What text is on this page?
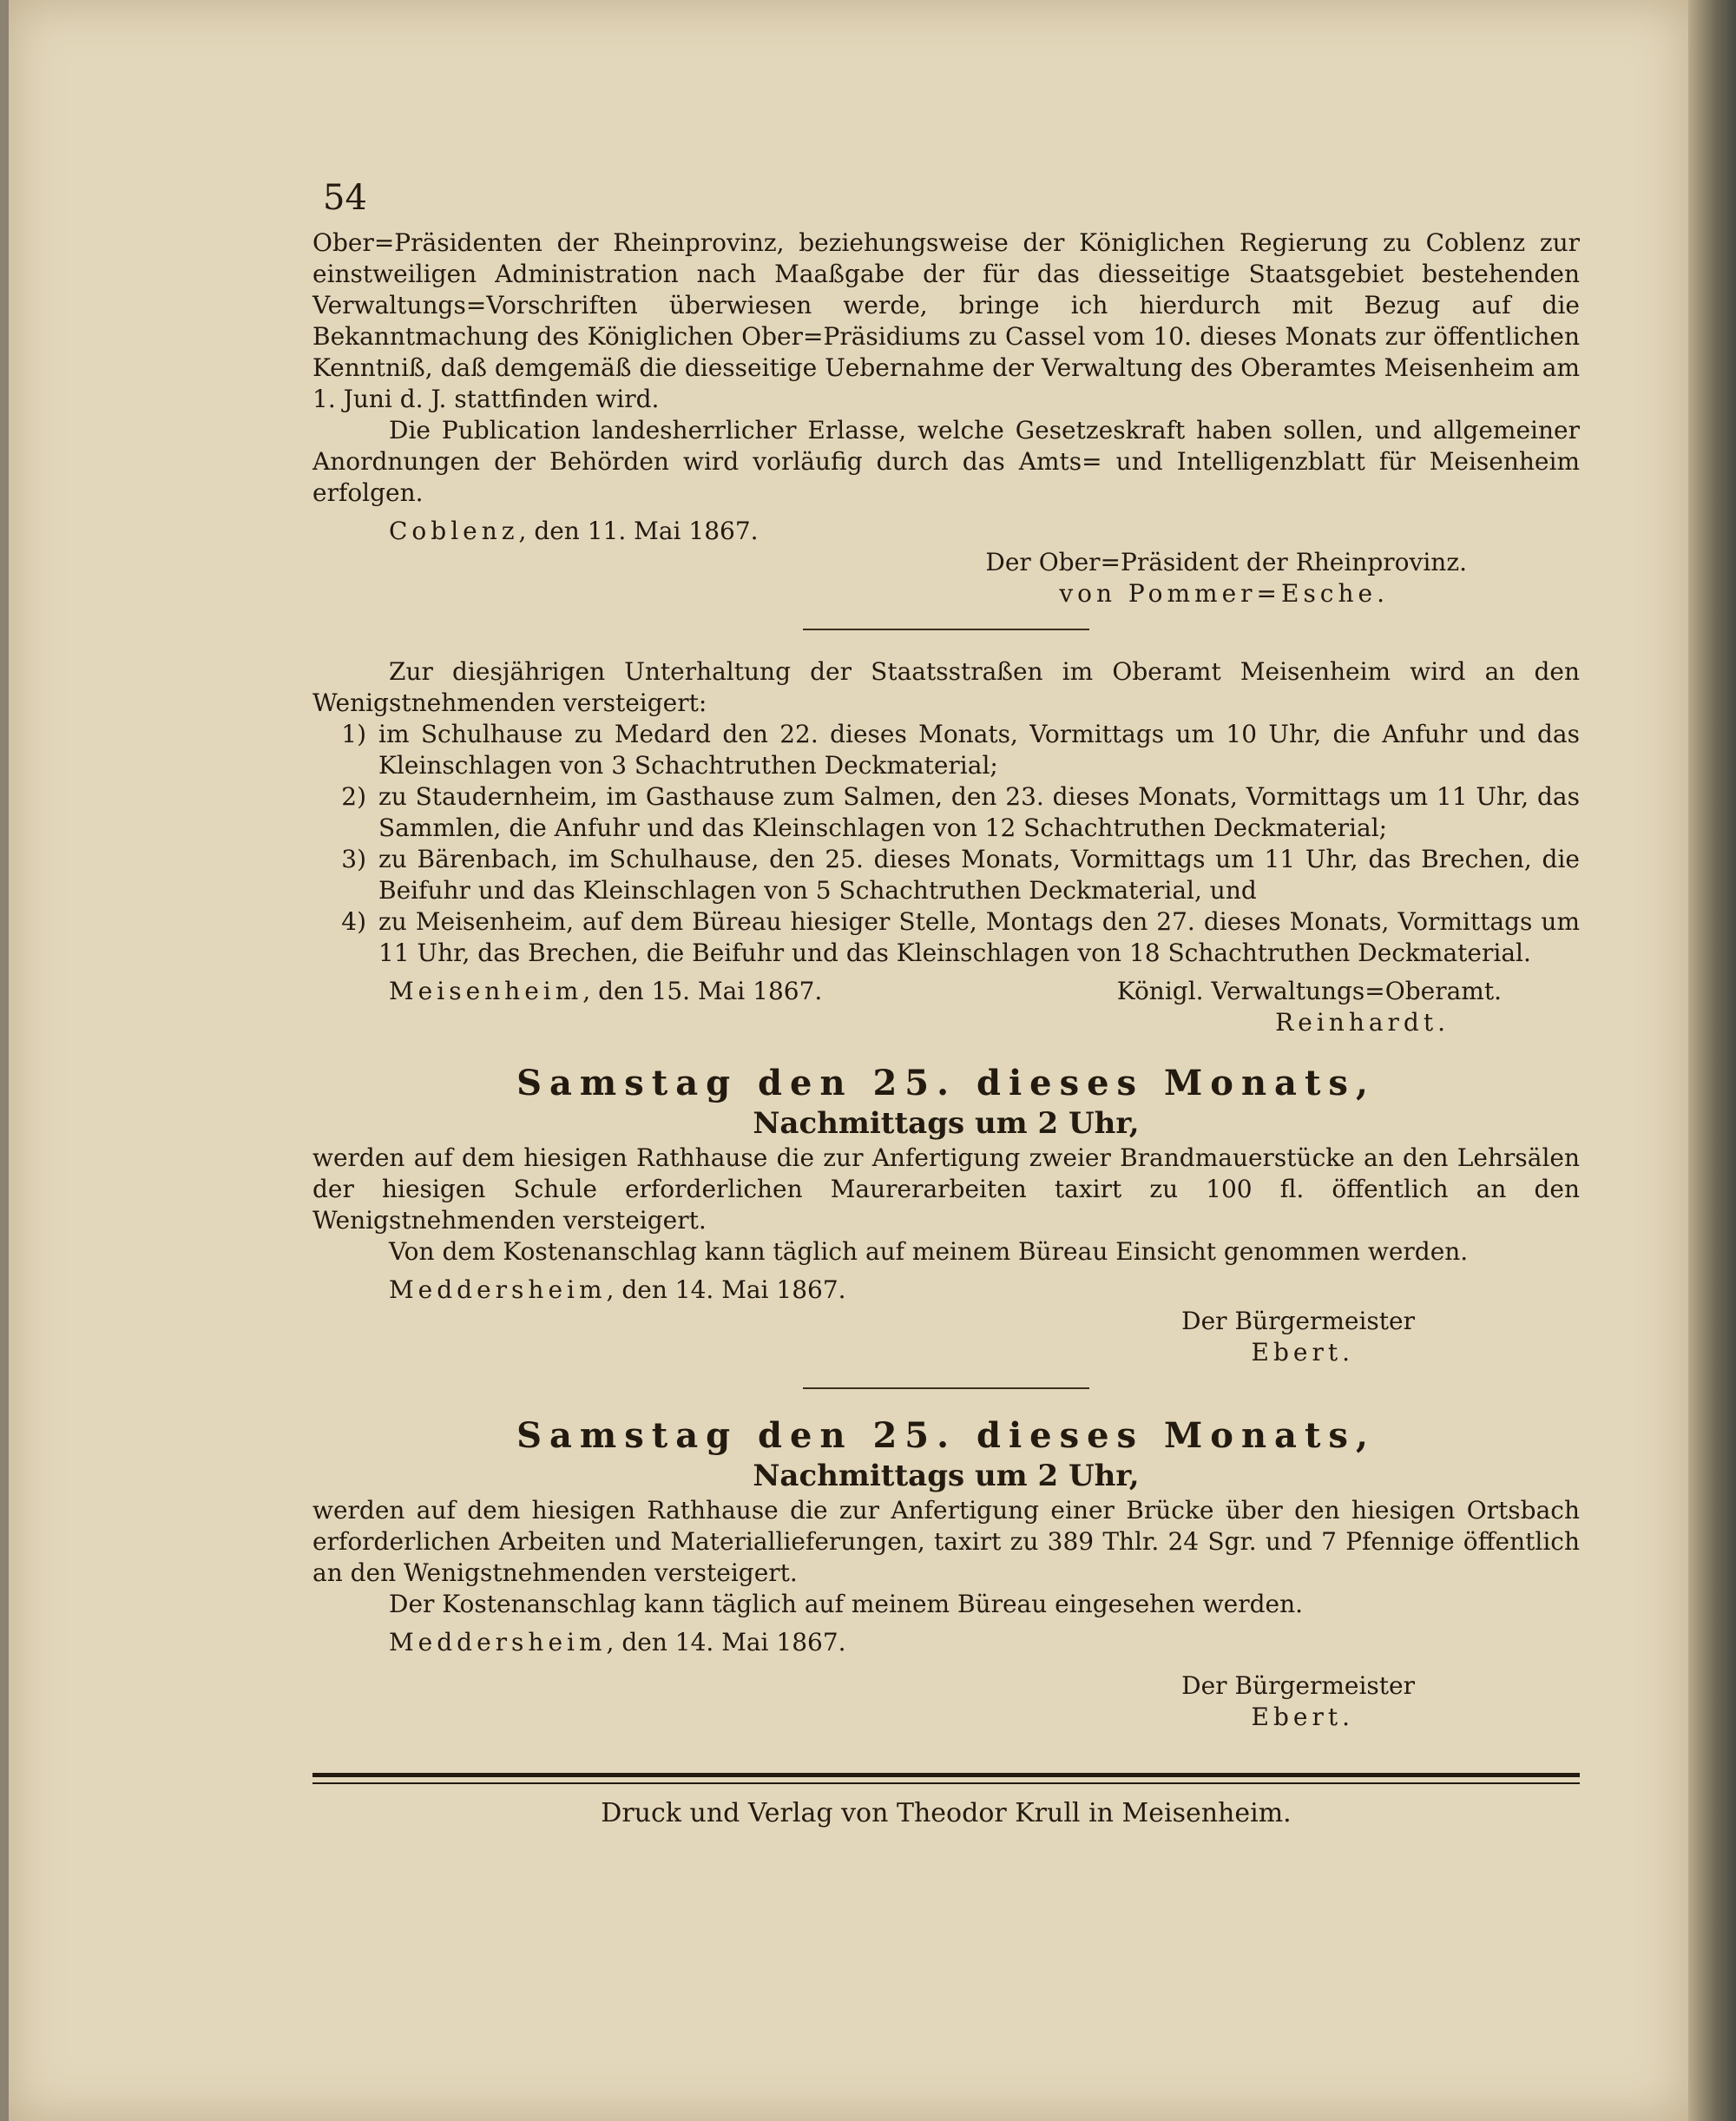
54

Ober=Präsidenten der Rheinprovinz, beziehungsweise der Königlichen Regierung zu Coblenz zur einstweiligen Administration nach Maaßgabe der für das diesseitige Staatsgebiet bestehenden Verwaltungs=Vorschriften überwiesen werde, bringe ich hierdurch mit Bezug auf die Bekanntmachung des Königlichen Ober=Präsidiums zu Cassel vom 10. dieses Monats zur öffentlichen Kenntniß, daß demgemäß die diesseitige Uebernahme der Verwaltung des Oberamtes Meisenheim am 1. Juni d. J. stattfinden wird.

Die Publication landesherrlicher Erlasse, welche Gesetzeskraft haben sollen, und allgemeiner Anordnungen der Behörden wird vorläufig durch das Amts= und Intelligenzblatt für Meisenheim erfolgen.

Coblenz, den 11. Mai 1867.

Der Ober=Präsident der Rheinprovinz.

von Pommer=Esche.

Zur diesjährigen Unterhaltung der Staatsstraßen im Oberamt Meisenheim wird an den Wenigstnehmenden versteigert:

1) im Schulhause zu Medard den 22. dieses Monats, Vormittags um 10 Uhr, die Anfuhr und das Kleinschlagen von 3 Schachtruthen Deckmaterial;
2) zu Staudernheim, im Gasthause zum Salmen, den 23. dieses Monats, Vormittags um 11 Uhr, das Sammlen, die Anfuhr und das Kleinschlagen von 12 Schachtruthen Deckmaterial;
3) zu Bärenbach, im Schulhause, den 25. dieses Monats, Vormittags um 11 Uhr, das Brechen, die Beifuhr und das Kleinschlagen von 5 Schachtruthen Deckmaterial, und
4) zu Meisenheim, auf dem Büreau hiesiger Stelle, Montags den 27. dieses Monats, Vormittags um 11 Uhr, das Brechen, die Beifuhr und das Kleinschlagen von 18 Schachtruthen Deckmaterial.

Meisenheim, den 15. Mai 1867.	Königl. Verwaltungs=Oberamt.

Reinhardt.

Samstag den 25. dieses Monats,
Nachmittags um 2 Uhr,

werden auf dem hiesigen Rathhause die zur Anfertigung zweier Brandmauerstücke an den Lehrsälen der hiesigen Schule erforderlichen Maurerarbeiten taxirt zu 100 fl. öffentlich an den Wenigstnehmenden versteigert.

Von dem Kostenanschlag kann täglich auf meinem Büreau Einsicht genommen werden.

Meddersheim, den 14. Mai 1867.

Der Bürgermeister

Ebert.

Samstag den 25. dieses Monats,
Nachmittags um 2 Uhr,

werden auf dem hiesigen Rathhause die zur Anfertigung einer Brücke über den hiesigen Ortsbach erforderlichen Arbeiten und Materiallieferungen, taxirt zu 389 Thlr. 24 Sgr. und 7 Pfennige öffentlich an den Wenigstnehmenden versteigert.

Der Kostenanschlag kann täglich auf meinem Büreau eingesehen werden.

Meddersheim, den 14. Mai 1867.

Der Bürgermeister

Ebert.

Druck und Verlag von Theodor Krull in Meisenheim.
